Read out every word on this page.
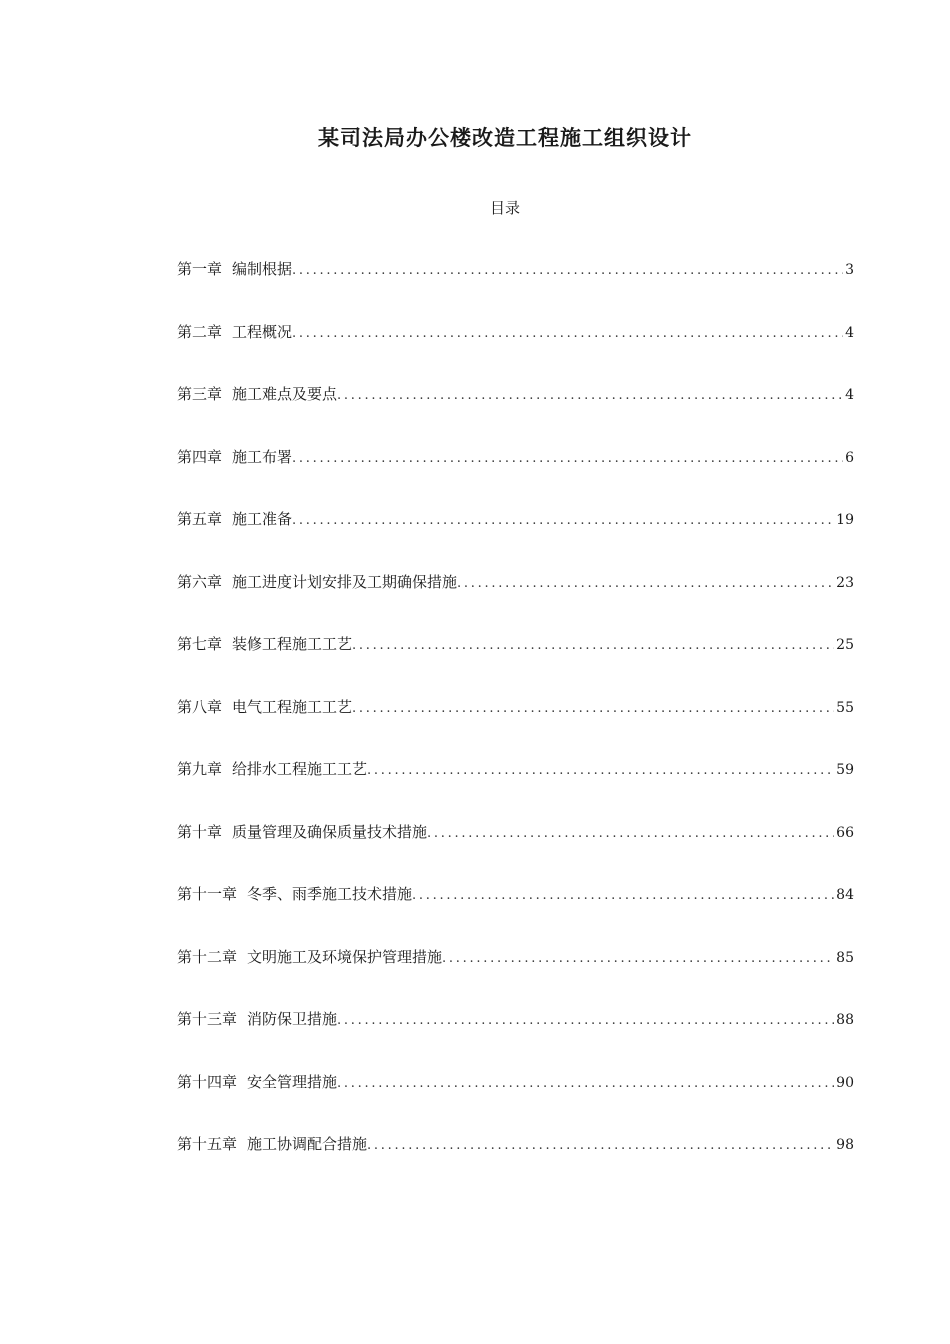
某司法局办公楼改造工程施工组织设计
目录
第一章 编制根据 . . .	3
第二章 工程概况 . . .	4
第三章 施工难点及要点 . . .	4
第四章 施工布署 . . .	6
第五章 施工准备 . . .	19
第六章 施工进度计划安排及工期确保措施 . . .	23
第七章 装修工程施工工艺 . . .	25
第八章 电气工程施工工艺 . . .	55
第九章 给排水工程施工工艺 . . .	59
第十章 质量管理及确保质量技术措施 . . .	66
第十一章 冬季、雨季施工技术措施 . . .	84
第十二章 文明施工及环境保护管理措施 . . .	85
第十三章 消防保卫措施 . . .	88
第十四章 安全管理措施 . . .	90
第十五章 施工协调配合措施 . . .	98
